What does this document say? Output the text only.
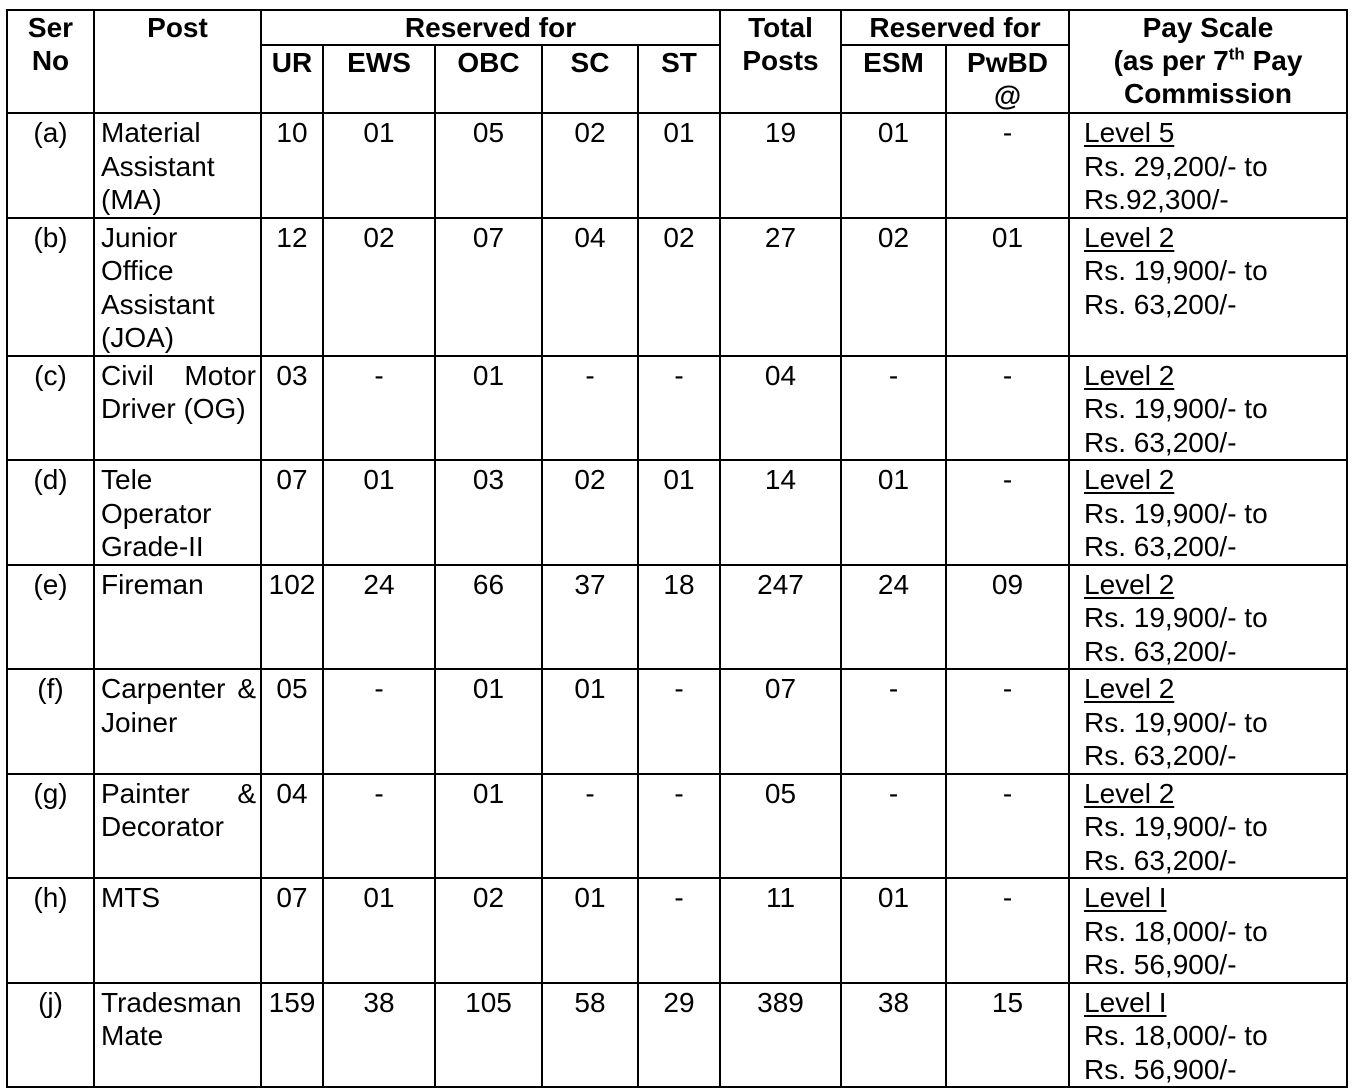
Ser No	Post	Reserved for					Total Posts	Reserved for		Pay Scale
(as per 7th Pay
Commission

		UR	EWS	OBC	SC	ST		ESM	PwBD @	
(a)	Material Assistant (MA)	10	01	05	02	01	19	01	-	Level 5
Rs. 29,200/- to
Rs.92,300/-

(b)	Junior Office Assistant (JOA)	12	02	07	04	02	27	02	01	Level 2
Rs. 19,900/- to
Rs. 63,200/-

(c)	Civil Motor Driver (OG)	03	-	01	-	-	04	-	-	Level 2
Rs. 19,900/- to
Rs. 63,200/-

(d)	Tele Operator Grade-II	07	01	03	02	01	14	01	-	Level 2
Rs. 19,900/- to
Rs. 63,200/-

(e)	Fireman	102	24	66	37	18	247	24	09	Level 2
Rs. 19,900/- to
Rs. 63,200/-

(f)	Carpenter & Joiner	05	-	01	01	-	07	-	-	Level 2
Rs. 19,900/- to
Rs. 63,200/-

(g)	Painter & Decorator	04	-	01	-	-	05	-	-	Level 2
Rs. 19,900/- to
Rs. 63,200/-

(h)	MTS	07	01	02	01	-	11	01	-	Level I
Rs. 18,000/- to
Rs. 56,900/-

(j)	Tradesman Mate	159	38	105	58	29	389	38	15	Level I
Rs. 18,000/- to
Rs. 56,900/-
